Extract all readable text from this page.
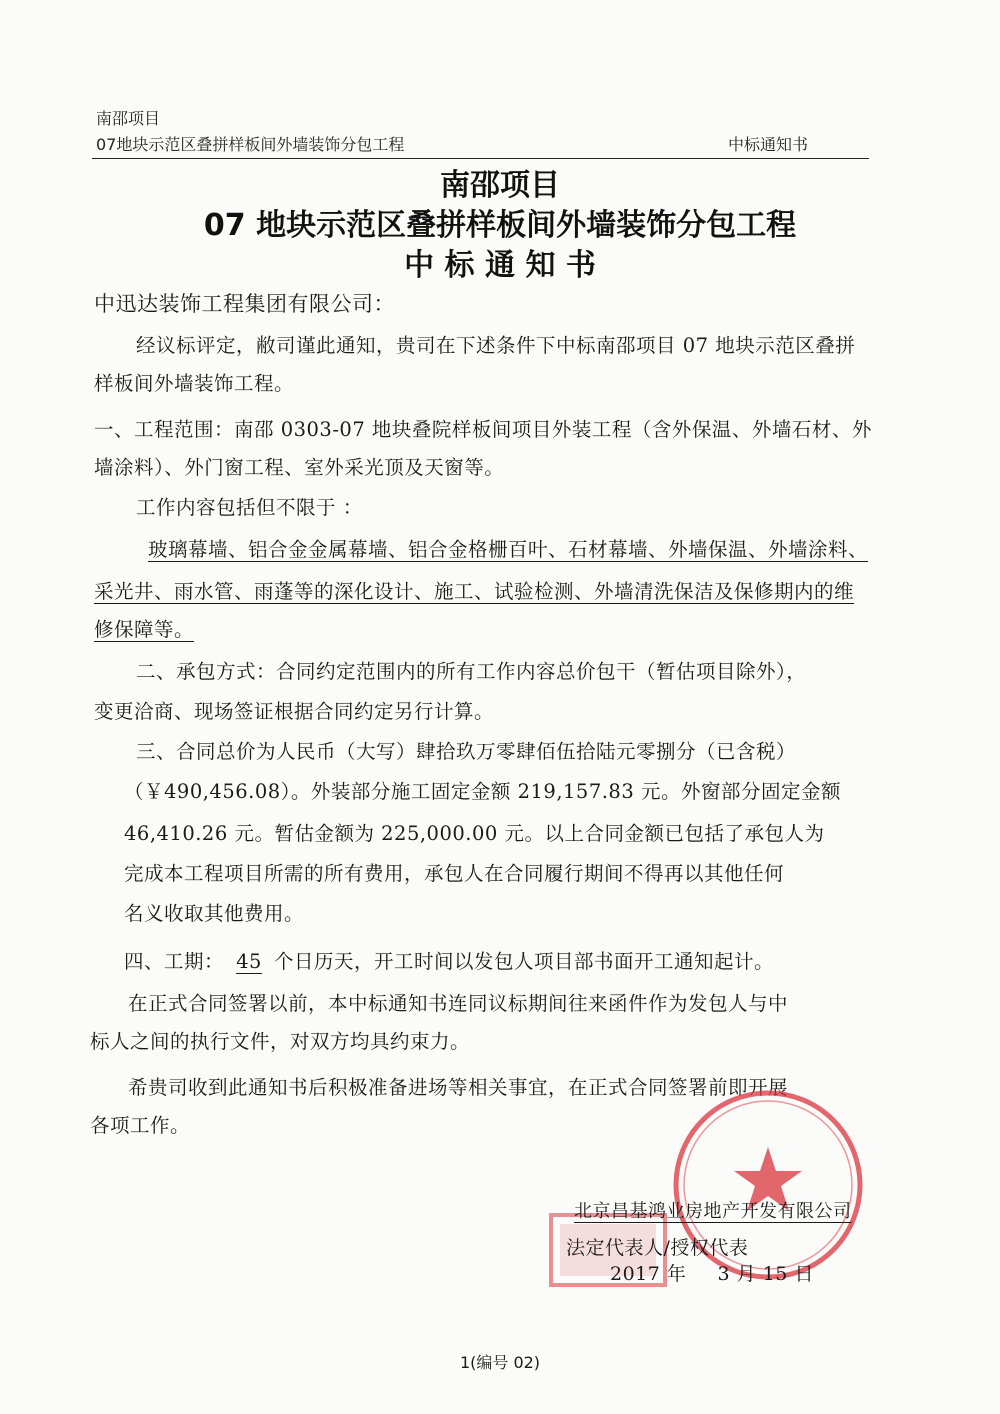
南邵项目
07地块示范区叠拼样板间外墙装饰分包工程	中标通知书
南邵项目
07 地块示范区叠拼样板间外墙装饰分包工程
中 标 通 知 书
中迅达装饰工程集团有限公司：
经议标评定，敝司谨此通知，贵司在下述条件下中标南邵项目 07 地块示范区叠拼
样板间外墙装饰工程。
一、工程范围：南邵 0303-07 地块叠院样板间项目外装工程（含外保温、外墙石材、外
墙涂料）、外门窗工程、室外采光顶及天窗等。
工作内容包括但不限于 ：
玻璃幕墙、铝合金金属幕墙、铝合金格栅百叶、石材幕墙、外墙保温、外墙涂料、
采光井、雨水管、雨蓬等的深化设计、施工、试验检测、外墙清洗保洁及保修期内的维
修保障等。
二、承包方式：合同约定范围内的所有工作内容总价包干（暂估项目除外），
变更洽商、现场签证根据合同约定另行计算。
三、合同总价为人民币（大写）肆拾玖万零肆佰伍拾陆元零捌分（已含税）
（￥490,456.08）。外装部分施工固定金额 219,157.83 元。外窗部分固定金额
46,410.26 元。暂估金额为 225,000.00 元。以上合同金额已包括了承包人为
完成本工程项目所需的所有费用，承包人在合同履行期间不得再以其他任何
名义收取其他费用。
四、工期： 45 个日历天，开工时间以发包人项目部书面开工通知起计。
在正式合同签署以前，本中标通知书连同议标期间往来函件作为发包人与中
标人之间的执行文件，对双方均具约束力。
希贵司收到此通知书后积极准备进场等相关事宜，在正式合同签署前即开展
各项工作。
北京昌基鸿业房地产开发有限公司
法定代表人/授权代表
2017 年 3 月 15 日
1(编号 02)
